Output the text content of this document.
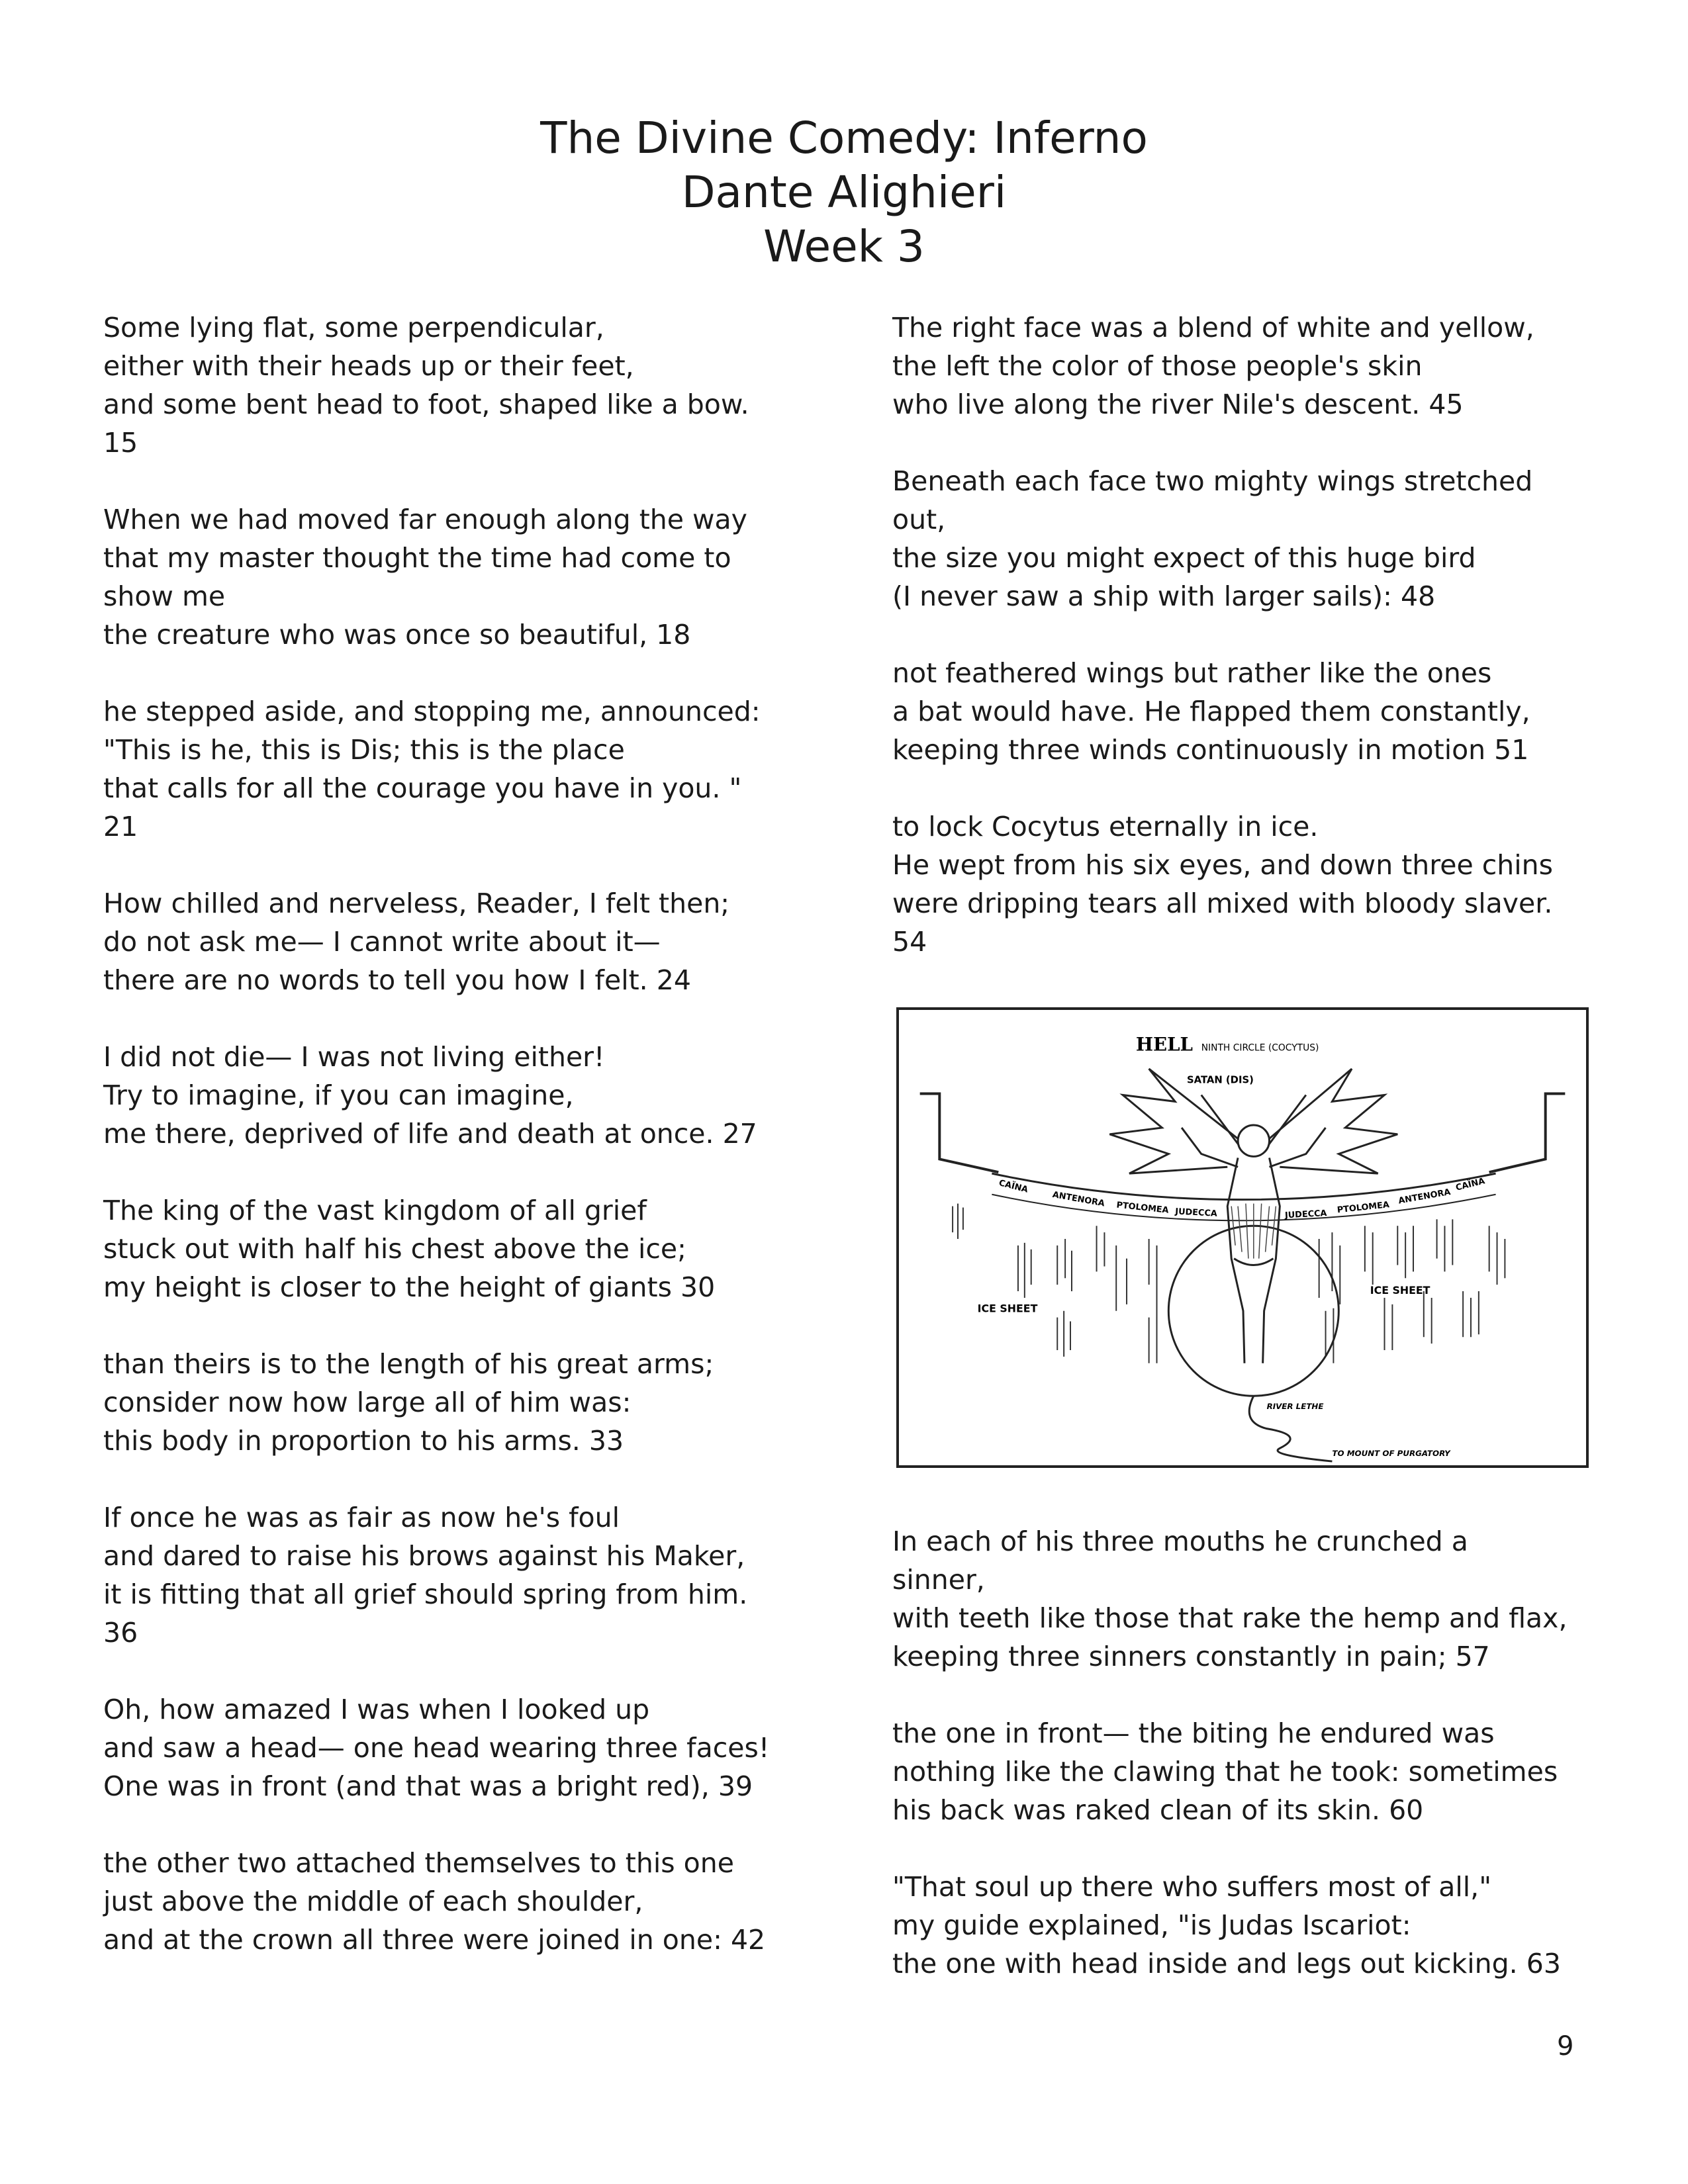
The Divine Comedy: Inferno
Dante Alighieri
Week 3
Some lying flat, some perpendicular,
either with their heads up or their feet,
and some bent head to foot, shaped like a bow.
15
When we had moved far enough along the way
that my master thought the time had come to
show me
the creature who was once so beautiful, 18
he stepped aside, and stopping me, announced:
"This is he, this is Dis; this is the place
that calls for all the courage you have in you. "
21
How chilled and nerveless, Reader, I felt then;
do not ask me— I cannot write about it—
there are no words to tell you how I felt. 24
I did not die— I was not living either!
Try to imagine, if you can imagine,
me there, deprived of life and death at once. 27
The king of the vast kingdom of all grief
stuck out with half his chest above the ice;
my height is closer to the height of giants 30
than theirs is to the length of his great arms;
consider now how large all of him was:
this body in proportion to his arms. 33
If once he was as fair as now he's foul
and dared to raise his brows against his Maker,
it is fitting that all grief should spring from him.
36
Oh, how amazed I was when I looked up
and saw a head— one head wearing three faces!
One was in front (and that was a bright red), 39
the other two attached themselves to this one
just above the middle of each shoulder,
and at the crown all three were joined in one: 42
The right face was a blend of white and yellow,
the left the color of those people's skin
who live along the river Nile's descent. 45
Beneath each face two mighty wings stretched
out,
the size you might expect of this huge bird
(I never saw a ship with larger sails): 48
not feathered wings but rather like the ones
a bat would have. He flapped them constantly,
keeping three winds continuously in motion 51
to lock Cocytus eternally in ice.
He wept from his six eyes, and down three chins
were dripping tears all mixed with bloody slaver.
54
HELL NINTH CIRCLE (COCYTUS)
SATAN (DIS)
CAÏNA
ANTENORA PTOLOMEA JUDECCA	JUDECCA PTOLOMEA
ANTENORA
CAÏNA
ICE SHEET
ICE SHEET
RIVER LETHE
TO MOUNT OF PURGATORY
In each of his three mouths he crunched a
sinner,
with teeth like those that rake the hemp and flax,
keeping three sinners constantly in pain; 57
the one in front— the biting he endured was
nothing like the clawing that he took: sometimes
his back was raked clean of its skin. 60
"That soul up there who suffers most of all,"
my guide explained, "is Judas Iscariot:
the one with head inside and legs out kicking. 63
9
